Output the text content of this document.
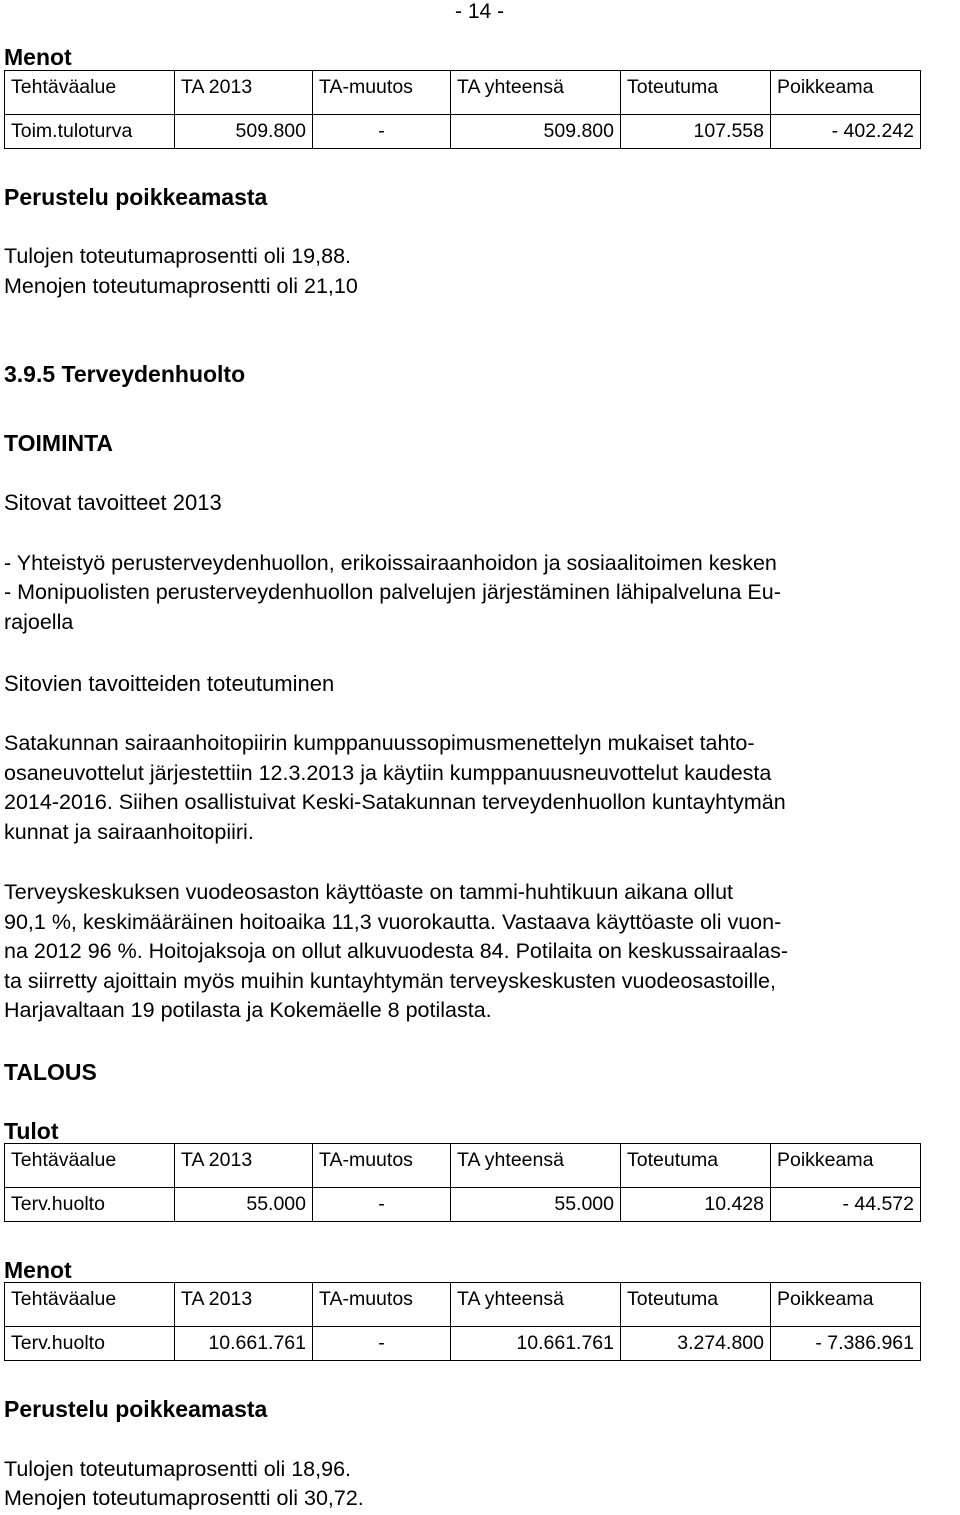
- 14 -
Menot
Tehtäväalue	TA 2013	TA-muutos	TA yhteensä	Toteutuma	Poikkeama
Toim.tuloturva	509.800	-	509.800	107.558	- 402.242
Perustelu poikkeamasta
Tulojen toteutumaprosentti oli 19,88.
Menojen toteutumaprosentti oli 21,10
3.9.5 Terveydenhuolto
TOIMINTA
Sitovat tavoitteet 2013
- Yhteistyö perusterveydenhuollon, erikoissairaanhoidon ja sosiaalitoimen kesken
- Monipuolisten perusterveydenhuollon palvelujen järjestäminen lähipalveluna Eu-
rajoella
Sitovien tavoitteiden toteutuminen
Satakunnan sairaanhoitopiirin kumppanuussopimusmenettelyn mukaiset tahto-
osaneuvottelut järjestettiin 12.3.2013 ja käytiin kumppanuusneuvottelut kaudesta
2014-2016. Siihen osallistuivat Keski-Satakunnan terveydenhuollon kuntayhtymän
kunnat ja sairaanhoitopiiri.
Terveyskeskuksen vuodeosaston käyttöaste on tammi-huhtikuun aikana ollut
90,1 %, keskimääräinen hoitoaika 11,3 vuorokautta. Vastaava käyttöaste oli vuon-
na 2012 96 %. Hoitojaksoja on ollut alkuvuodesta 84. Potilaita on keskussairaalas-
ta siirretty ajoittain myös muihin kuntayhtymän terveyskeskusten vuodeosastoille,
Harjavaltaan 19 potilasta ja Kokemäelle 8 potilasta.
TALOUS
Tulot
Tehtäväalue	TA 2013	TA-muutos	TA yhteensä	Toteutuma	Poikkeama
Terv.huolto	55.000	-	55.000	10.428	- 44.572
Menot
Tehtäväalue	TA 2013	TA-muutos	TA yhteensä	Toteutuma	Poikkeama
Terv.huolto	10.661.761	-	10.661.761	3.274.800	- 7.386.961
Perustelu poikkeamasta
Tulojen toteutumaprosentti oli 18,96.
Menojen toteutumaprosentti oli 30,72.
